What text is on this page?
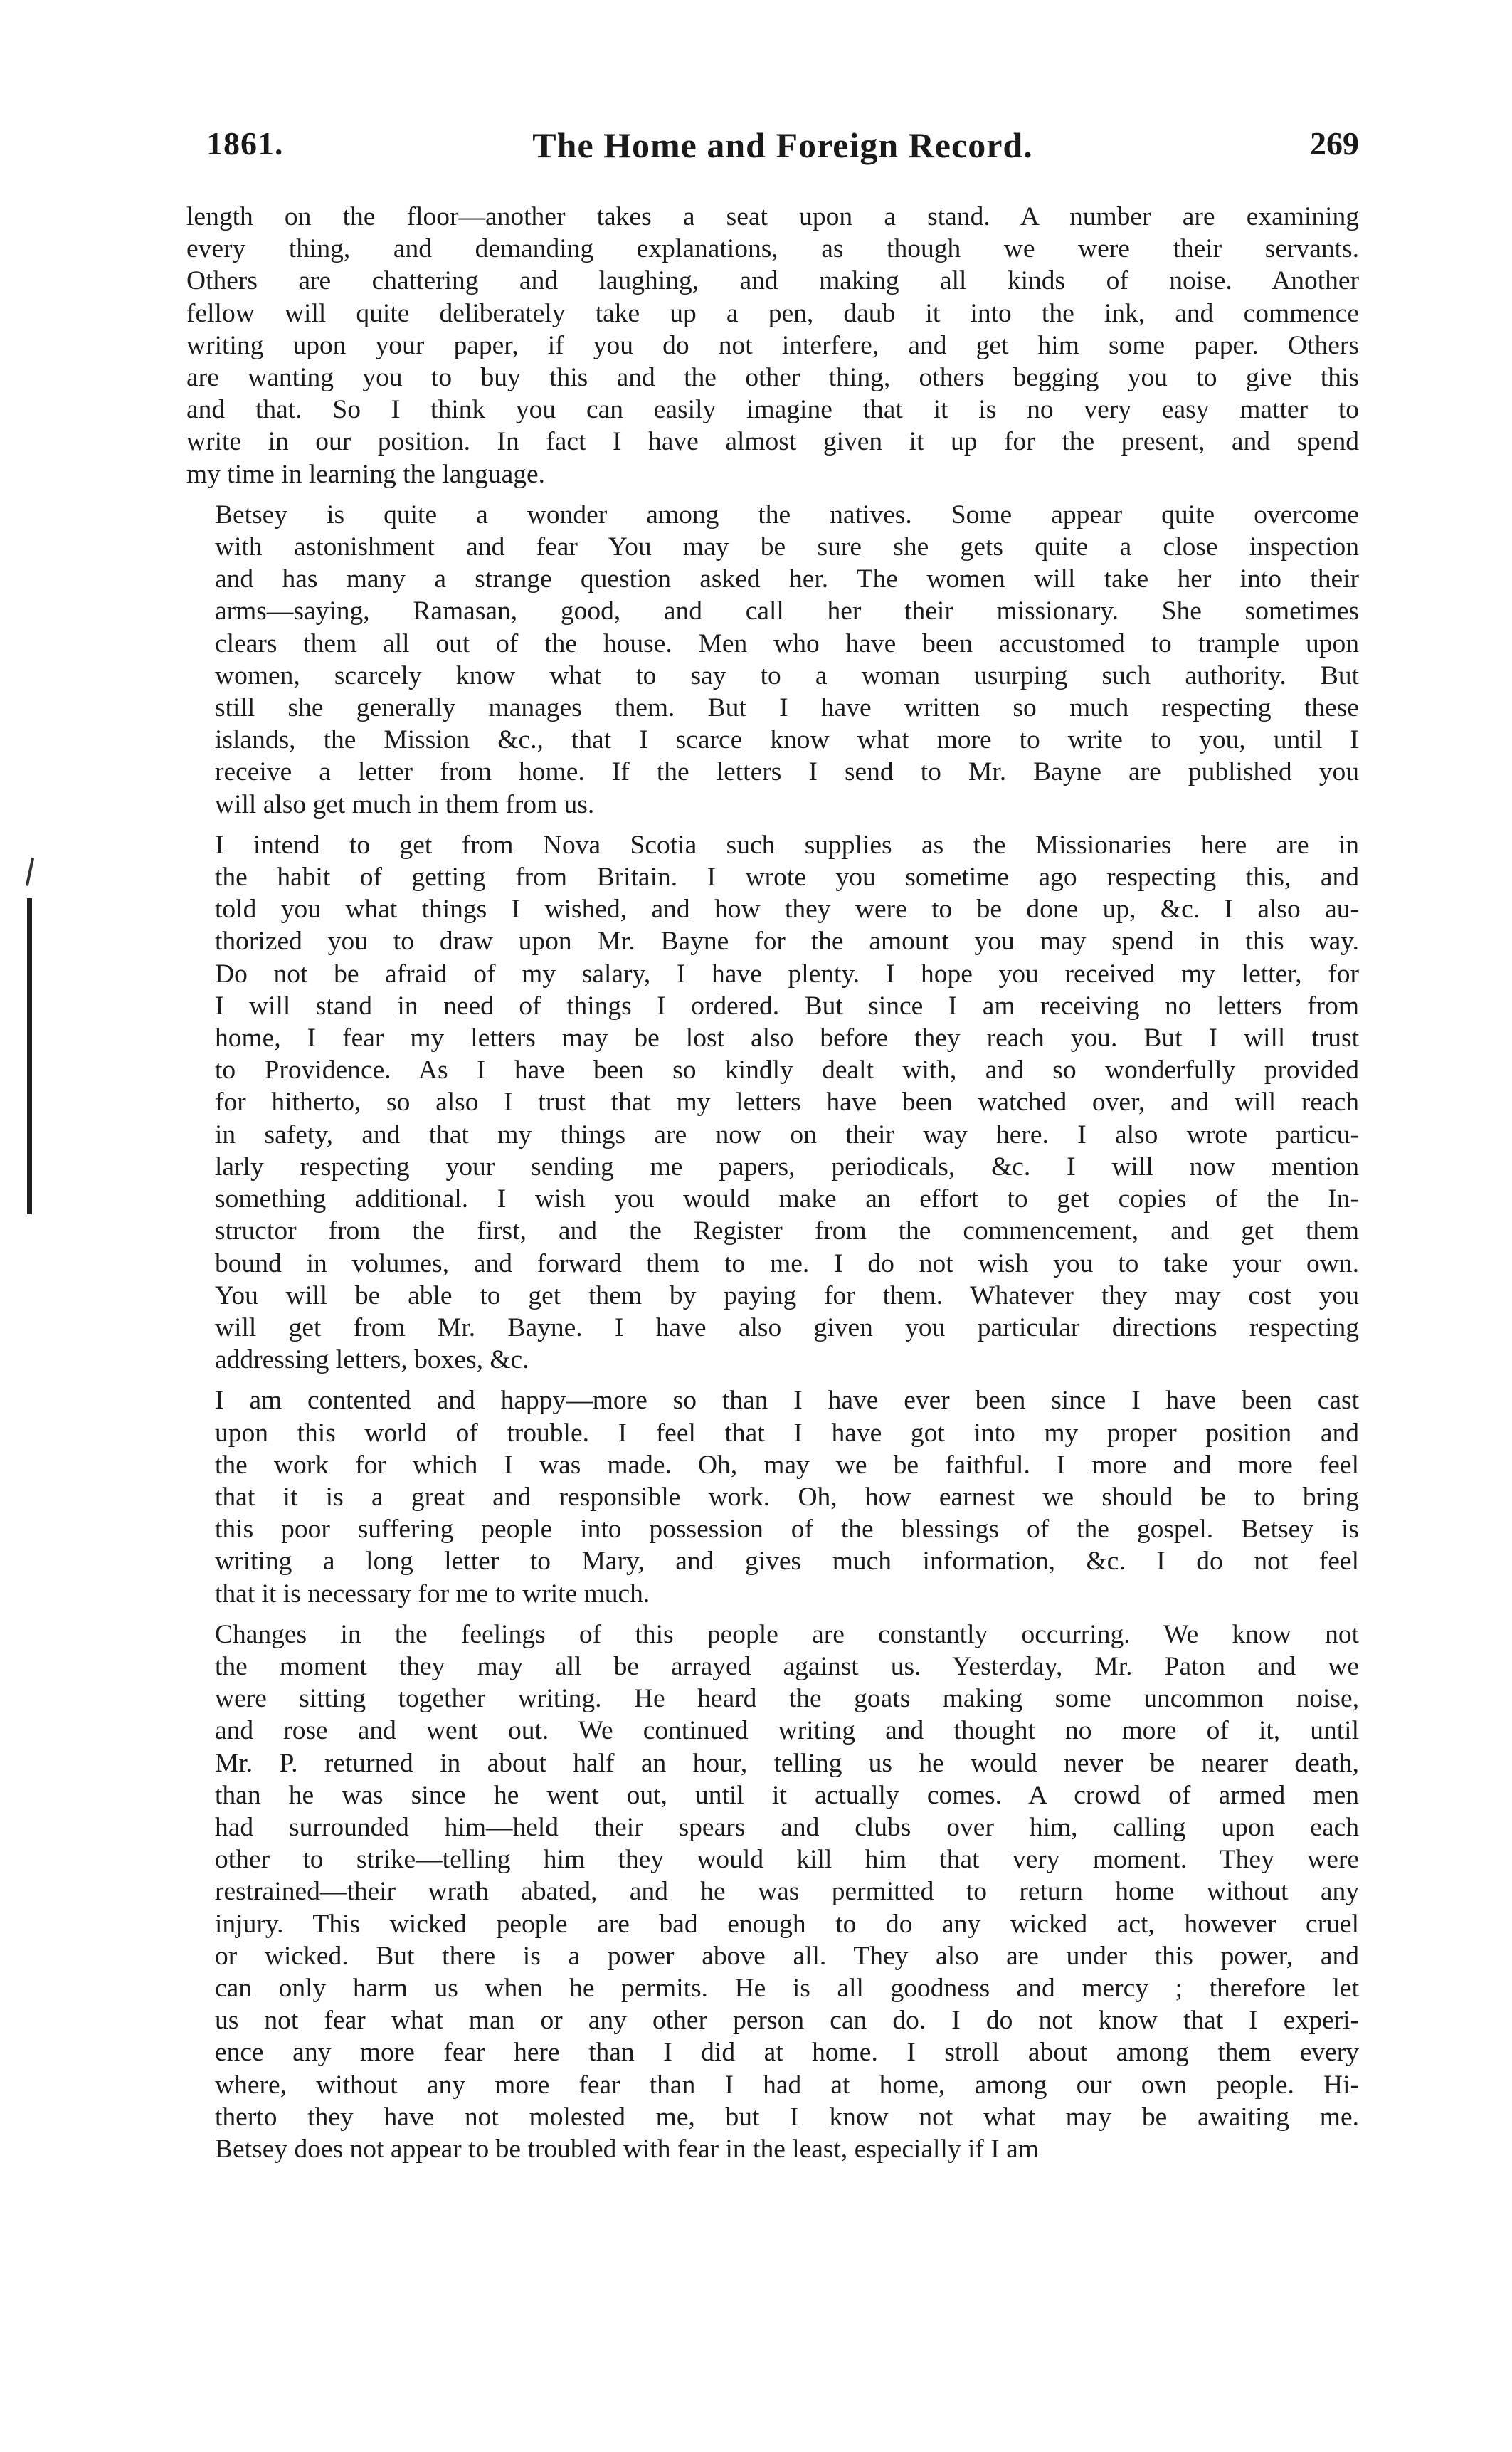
1861.	The Home and Foreign Record.	269
length on the floor—another takes a seat upon a stand. A number are examining
every thing, and demanding explanations, as though we were their servants.
Others are chattering and laughing, and making all kinds of noise. Another
fellow will quite deliberately take up a pen, daub it into the ink, and commence
writing upon your paper, if you do not interfere, and get him some paper. Others
are wanting you to buy this and the other thing, others begging you to give this
and that. So I think you can easily imagine that it is no very easy matter to
write in our position. In fact I have almost given it up for the present, and spend
my time in learning the language.
Betsey is quite a wonder among the natives. Some appear quite overcome
with astonishment and fear You may be sure she gets quite a close inspection
and has many a strange question asked her. The women will take her into their
arms—saying, Ramasan, good, and call her their missionary. She sometimes
clears them all out of the house. Men who have been accustomed to trample upon
women, scarcely know what to say to a woman usurping such authority. But
still she generally manages them. But I have written so much respecting these
islands, the Mission &c., that I scarce know what more to write to you, until I
receive a letter from home. If the letters I send to Mr. Bayne are published you
will also get much in them from us.
I intend to get from Nova Scotia such supplies as the Missionaries here are in
the habit of getting from Britain. I wrote you sometime ago respecting this, and
told you what things I wished, and how they were to be done up, &c. I also au-
thorized you to draw upon Mr. Bayne for the amount you may spend in this way.
Do not be afraid of my salary, I have plenty. I hope you received my letter, for
I will stand in need of things I ordered. But since I am receiving no letters from
home, I fear my letters may be lost also before they reach you. But I will trust
to Providence. As I have been so kindly dealt with, and so wonderfully provided
for hitherto, so also I trust that my letters have been watched over, and will reach
in safety, and that my things are now on their way here. I also wrote particu-
larly respecting your sending me papers, periodicals, &c. I will now mention
something additional. I wish you would make an effort to get copies of the In-
structor from the first, and the Register from the commencement, and get them
bound in volumes, and forward them to me. I do not wish you to take your own.
You will be able to get them by paying for them. Whatever they may cost you
will get from Mr. Bayne. I have also given you particular directions respecting
addressing letters, boxes, &c.
I am contented and happy—more so than I have ever been since I have been cast
upon this world of trouble. I feel that I have got into my proper position and
the work for which I was made. Oh, may we be faithful. I more and more feel
that it is a great and responsible work. Oh, how earnest we should be to bring
this poor suffering people into possession of the blessings of the gospel. Betsey is
writing a long letter to Mary, and gives much information, &c. I do not feel
that it is necessary for me to write much.
Changes in the feelings of this people are constantly occurring. We know not
the moment they may all be arrayed against us. Yesterday, Mr. Paton and we
were sitting together writing. He heard the goats making some uncommon noise,
and rose and went out. We continued writing and thought no more of it, until
Mr. P. returned in about half an hour, telling us he would never be nearer death,
than he was since he went out, until it actually comes. A crowd of armed men
had surrounded him—held their spears and clubs over him, calling upon each
other to strike—telling him they would kill him that very moment. They were
restrained—their wrath abated, and he was permitted to return home without any
injury. This wicked people are bad enough to do any wicked act, however cruel
or wicked. But there is a power above all. They also are under this power, and
can only harm us when he permits. He is all goodness and mercy ; therefore let
us not fear what man or any other person can do. I do not know that I experi-
ence any more fear here than I did at home. I stroll about among them every
where, without any more fear than I had at home, among our own people. Hi-
therto they have not molested me, but I know not what may be awaiting me.
Betsey does not appear to be troubled with fear in the least, especially if I am
